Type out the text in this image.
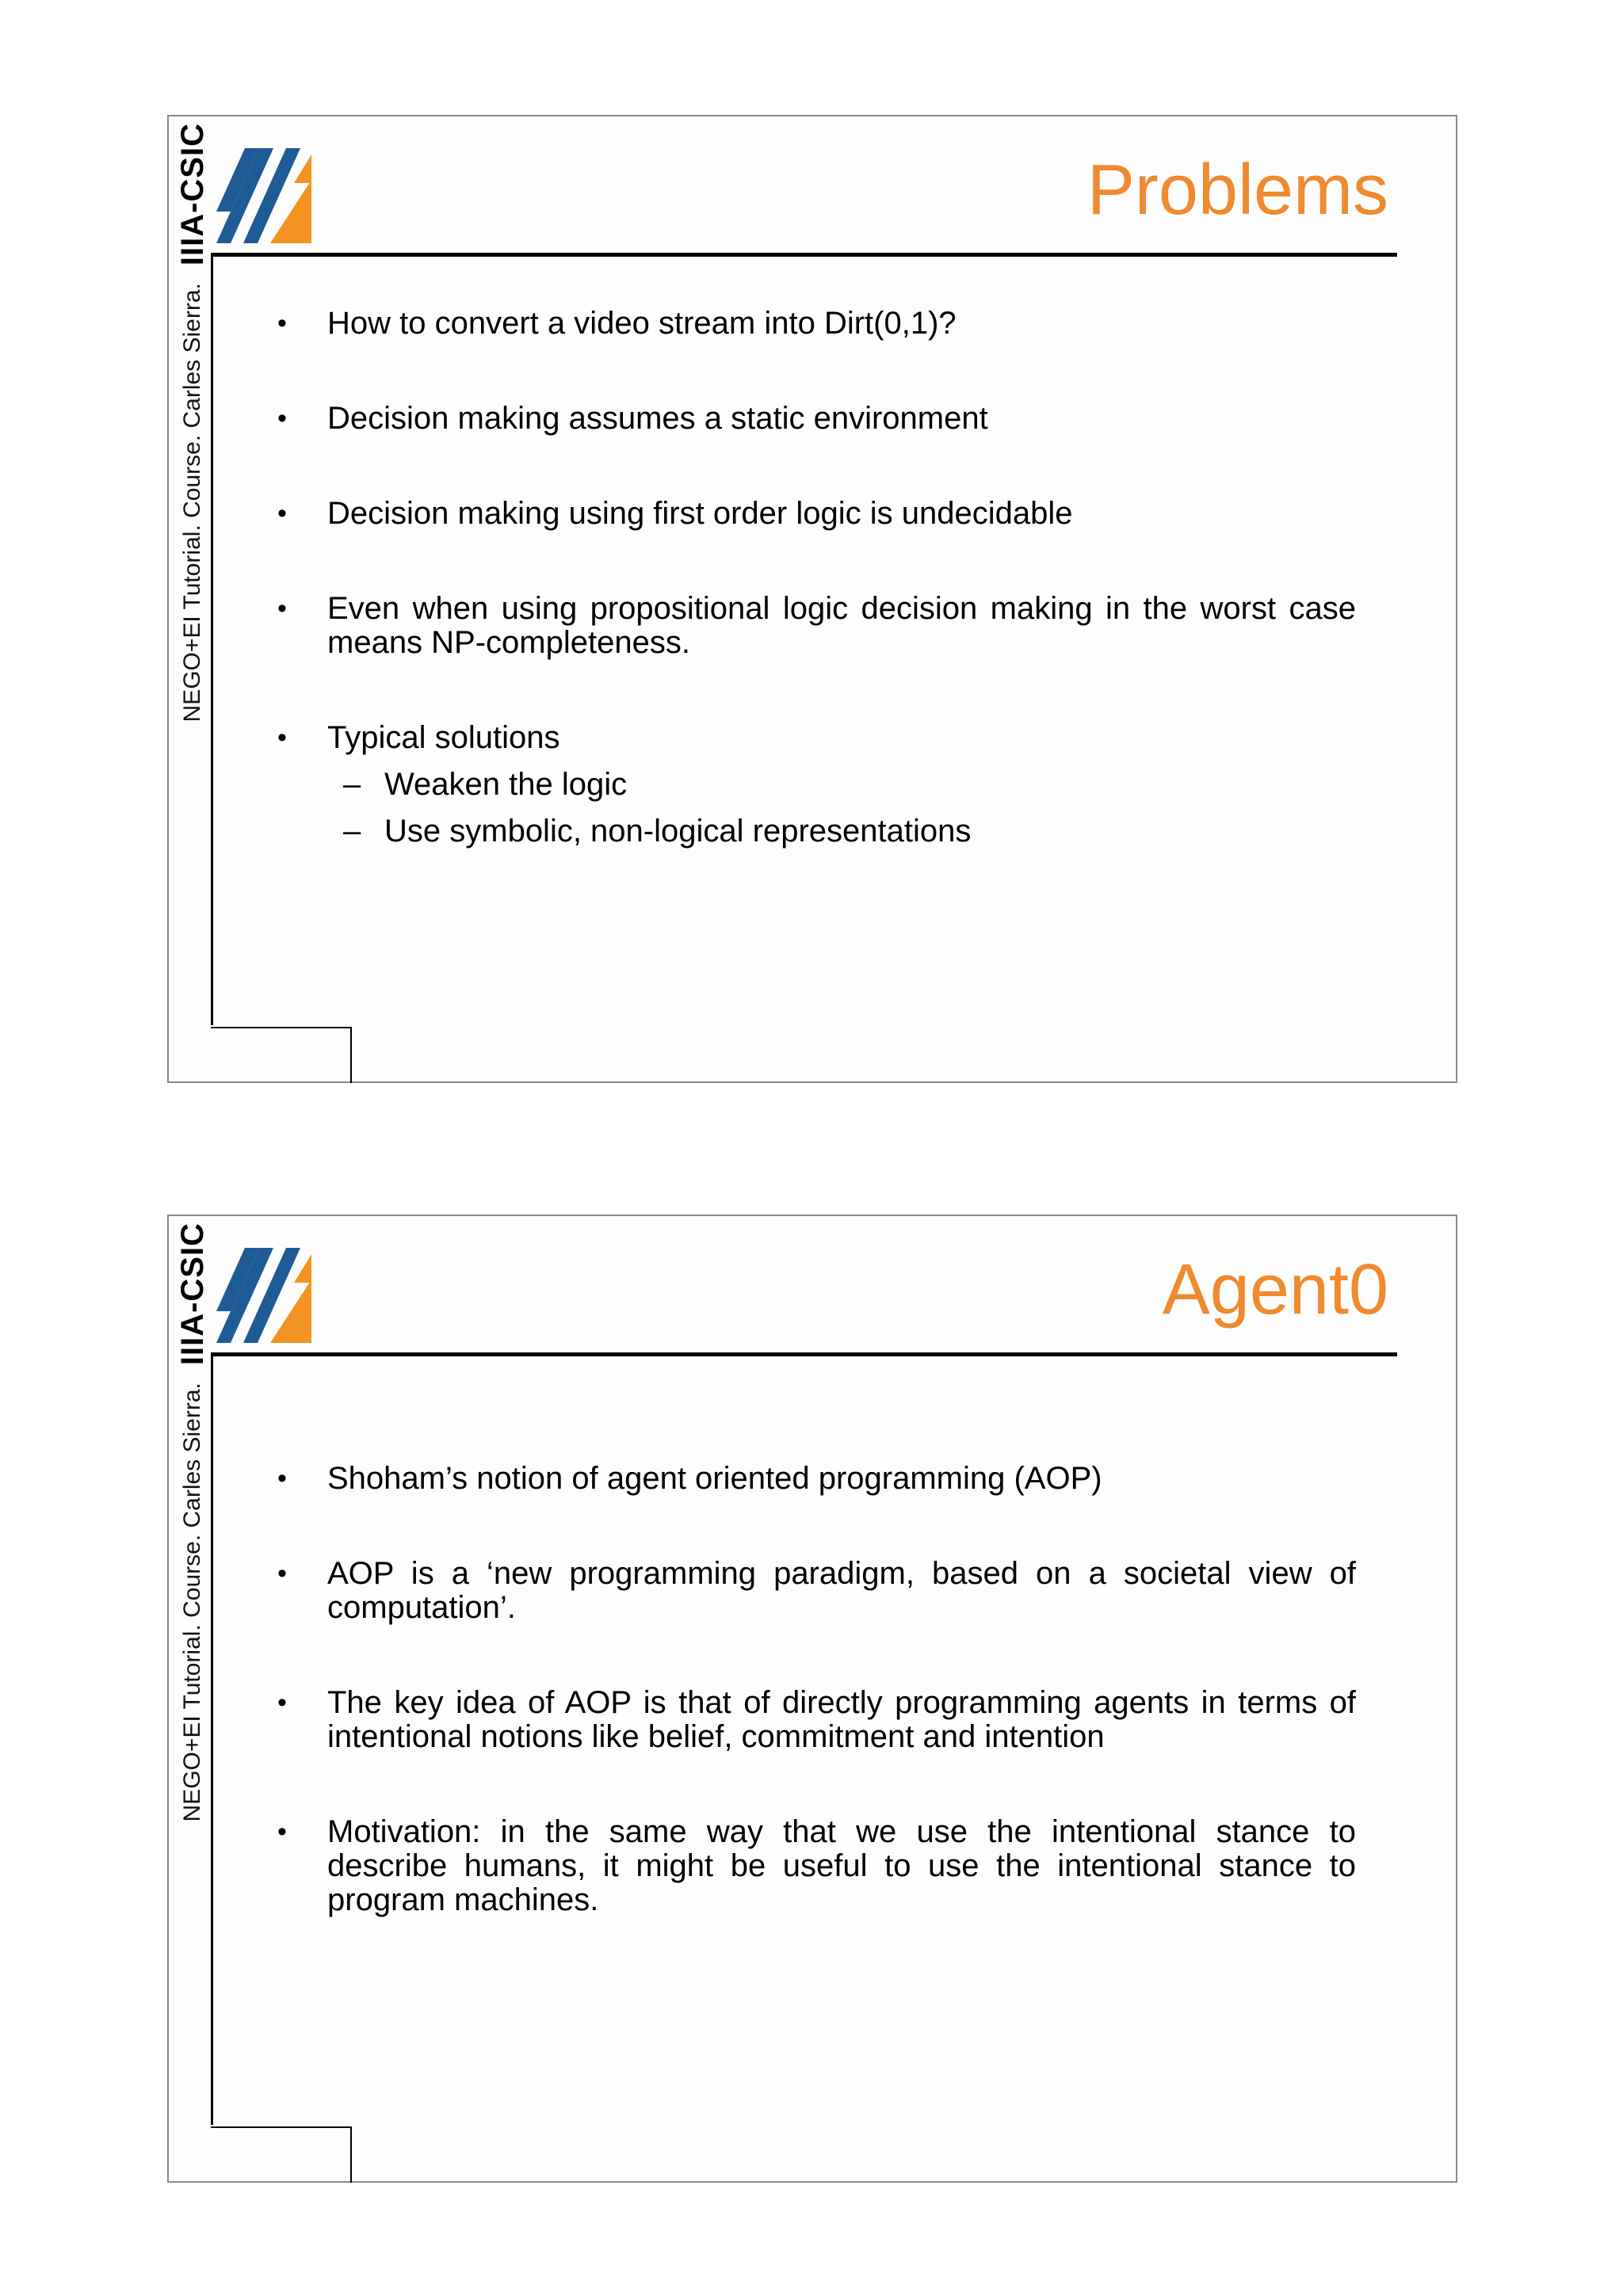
NEGO+EI Tutorial. Course. Carles Sierra.
IIIA-CSIC	Problems
• How to convert a video stream into Dirt(0,1)?
• Decision making assumes a static environment
• Decision making using first order logic is undecidable
• Even when using propositional logic decision making in the worst case means NP-completeness.
• Typical solutions
– Weaken the logic
– Use symbolic, non-logical representations
NEGO+EI Tutorial. Course. Carles Sierra.
IIIA-CSIC	Agent0
• Shoham’s notion of agent oriented programming (AOP)
• AOP is a ‘new programming paradigm, based on a societal view of computation’.
• The key idea of AOP is that of directly programming agents in terms of intentional notions like belief, commitment and intention
• Motivation: in the same way that we use the intentional stance to describe humans, it might be useful to use the intentional stance to program machines.
